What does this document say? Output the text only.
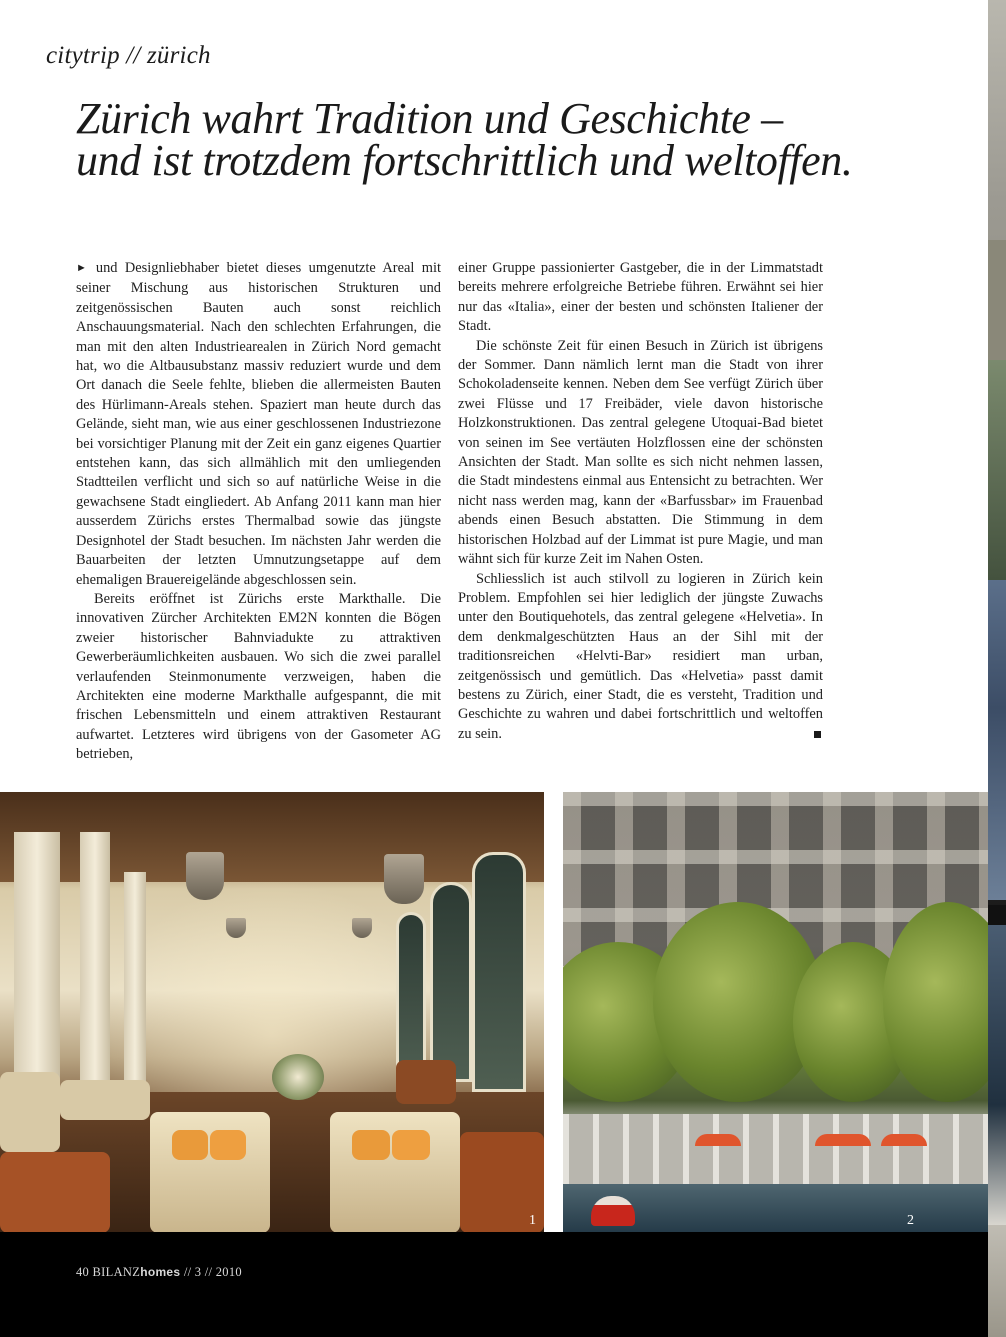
citytrip // zürich
Zürich wahrt Tradition und Geschichte –
und ist trotzdem fortschrittlich und weltoffen.

► und Designliebhaber bietet dieses umgenutzte Areal mit seiner Mischung aus historischen Strukturen und zeitgenössischen Bauten auch sonst reichlich Anschauungsmaterial. Nach den schlechten Erfahrungen, die man mit den alten Industriearealen in Zürich Nord gemacht hat, wo die Altbausubstanz massiv reduziert wurde und dem Ort danach die Seele fehlte, blieben die allermeisten Bauten des Hürlimann-Areals stehen. Spaziert man heute durch das Gelände, sieht man, wie aus einer geschlossenen Industriezone bei vorsichtiger Planung mit der Zeit ein ganz eigenes Quartier entstehen kann, das sich allmählich mit den umliegenden Stadtteilen verflicht und sich so auf natürliche Weise in die gewachsene Stadt eingliedert. Ab Anfang 2011 kann man hier ausserdem Zürichs erstes Thermalbad sowie das jüngste Designhotel der Stadt besuchen. Im nächsten Jahr werden die Bauarbeiten der letzten Umnutzungsetappe auf dem ehemaligen Brauereigelände abgeschlossen sein.

Bereits eröffnet ist Zürichs erste Markthalle. Die innovativen Zürcher Architekten EM2N konnten die Bögen zweier historischer Bahnviadukte zu attraktiven Gewerberäumlichkeiten ausbauen. Wo sich die zwei parallel verlaufenden Steinmonumente verzweigen, haben die Architekten eine moderne Markthalle aufgespannt, die mit frischen Lebensmitteln und einem attraktiven Restaurant aufwartet. Letzteres wird übrigens von der Gasometer AG betrieben,

einer Gruppe passionierter Gastgeber, die in der Limmatstadt bereits mehrere erfolgreiche Betriebe führen. Erwähnt sei hier nur das «Italia», einer der besten und schönsten Italiener der Stadt.

Die schönste Zeit für einen Besuch in Zürich ist übrigens der Sommer. Dann nämlich lernt man die Stadt von ihrer Schokoladenseite kennen. Neben dem See verfügt Zürich über zwei Flüsse und 17 Freibäder, viele davon historische Holzkonstruktionen. Das zentral gelegene Utoquai-Bad bietet von seinen im See vertäuten Holzflossen eine der schönsten Ansichten der Stadt. Man sollte es sich nicht nehmen lassen, die Stadt mindestens einmal aus Entensicht zu betrachten. Wer nicht nass werden mag, kann der «Barfussbar» im Frauenbad abends einen Besuch abstatten. Die Stimmung in dem historischen Holzbad auf der Limmat ist pure Magie, und man wähnt sich für kurze Zeit im Nahen Osten.

Schliesslich ist auch stilvoll zu logieren in Zürich kein Problem. Empfohlen sei hier lediglich der jüngste Zuwachs unter den Boutiquehotels, das zentral gelegene «Helvetia». In dem denkmalgeschützten Haus an der Sihl mit der traditionsreichen «Helvti-Bar» residiert man urban, zeitgenössisch und gemütlich. Das «Helvetia» passt damit bestens zu Zürich, einer Stadt, die es versteht, Tradition und Geschichte zu wahren und dabei fortschrittlich und weltoffen zu sein.

1	2
40 BILANZhomes // 3 // 2010
